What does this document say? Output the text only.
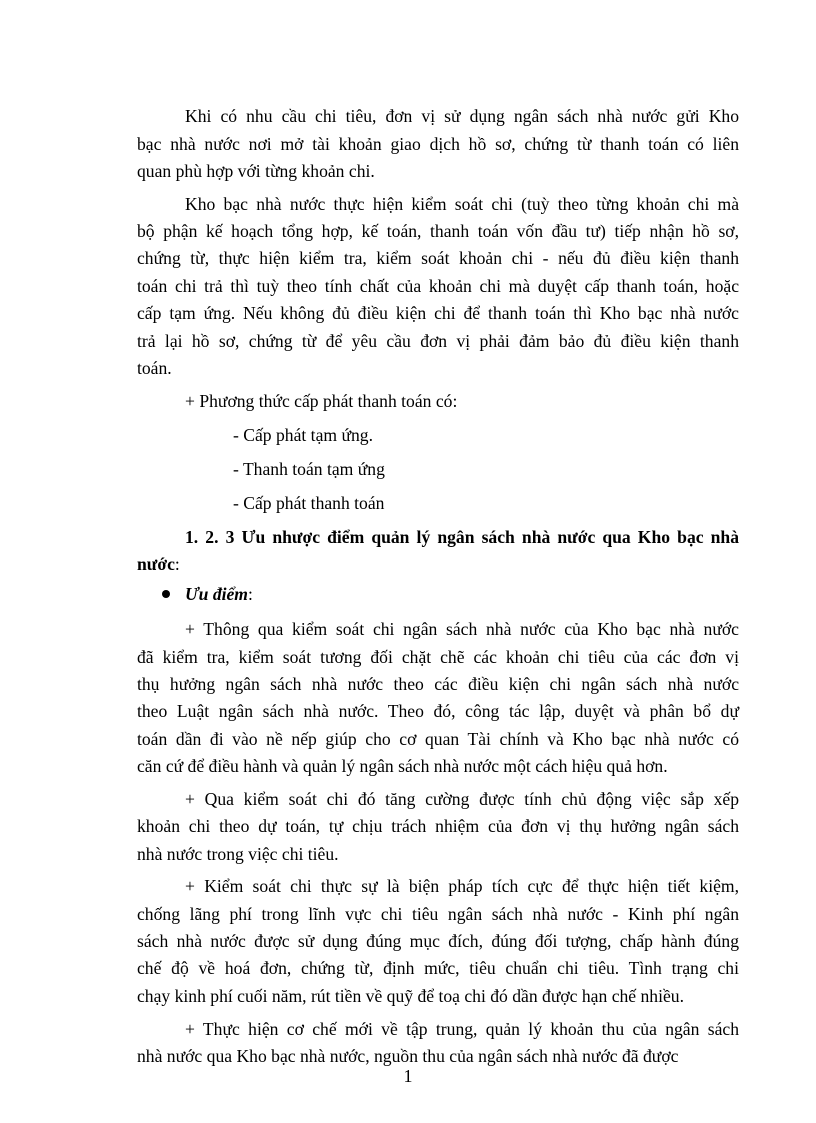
Khi có nhu cầu chi tiêu, đơn vị sử dụng ngân sách nhà nước gửi Kho
bạc nhà nước nơi mở tài khoản giao dịch hồ sơ, chứng từ thanh toán có liên
quan phù hợp với từng khoản chi.
Kho bạc nhà nước thực hiện kiểm soát chi (tuỳ theo từng khoản chi mà
bộ phận kế hoạch tổng hợp, kế toán, thanh toán vốn đầu tư) tiếp nhận hồ sơ,
chứng từ, thực hiện kiểm tra, kiểm soát khoản chi - nếu đủ điều kiện thanh
toán chi trả thì tuỳ theo tính chất của khoản chi mà duyệt cấp thanh toán, hoặc
cấp tạm ứng. Nếu không đủ điều kiện chi để thanh toán thì Kho bạc nhà nước
trả lại hồ sơ, chứng từ để yêu cầu đơn vị phải đảm bảo đủ điều kiện thanh
toán.
+ Phương thức cấp phát thanh toán có:
- Cấp phát tạm ứng.
- Thanh toán tạm ứng
- Cấp phát thanh toán
1. 2. 3 Ưu nhược điểm quản lý ngân sách nhà nước qua Kho bạc nhà
nước:
Ưu điểm:
+ Thông qua kiểm soát chi ngân sách nhà nước của Kho bạc nhà nước
đã kiểm tra, kiểm soát tương đối chặt chẽ các khoản chi tiêu của các đơn vị
thụ hưởng ngân sách nhà nước theo các điều kiện chi ngân sách nhà nước
theo Luật ngân sách nhà nước. Theo đó, công tác lập, duyệt và phân bổ dự
toán dần đi vào nề nếp giúp cho cơ quan Tài chính và Kho bạc nhà nước có
căn cứ để điều hành và quản lý ngân sách nhà nước một cách hiệu quả hơn.
+ Qua kiểm soát chi đó tăng cường được tính chủ động việc sắp xếp
khoản chi theo dự toán, tự chịu trách nhiệm của đơn vị thụ hưởng ngân sách
nhà nước trong việc chi tiêu.
+ Kiểm soát chi thực sự là biện pháp tích cực để thực hiện tiết kiệm,
chống lãng phí trong lĩnh vực chi tiêu ngân sách nhà nước - Kinh phí ngân
sách nhà nước được sử dụng đúng mục đích, đúng đối tượng, chấp hành đúng
chế độ về hoá đơn, chứng từ, định mức, tiêu chuẩn chi tiêu. Tình trạng chi
chạy kinh phí cuối năm, rút tiền về quỹ để toạ chi đó dần được hạn chế nhiều.
+ Thực hiện cơ chế mới về tập trung, quản lý khoản thu của ngân sách
nhà nước qua Kho bạc nhà nước, nguồn thu của ngân sách nhà nước đã được
1
